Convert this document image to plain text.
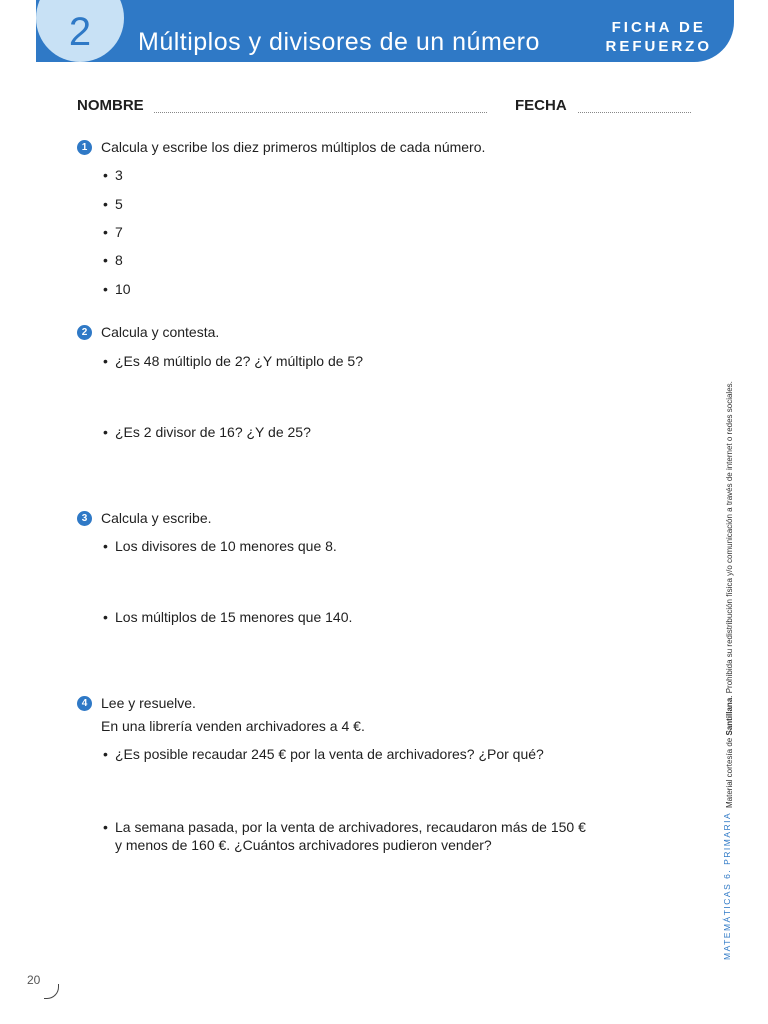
2	Múltiplos y divisores de un número
FICHA DE
REFUERZO
NOMBRE	FECHA
1 Calcula y escribe los diez primeros múltiplos de cada número.
• 3
• 5
• 7
• 8
• 10
2 Calcula y contesta.
• ¿Es 48 múltiplo de 2? ¿Y múltiplo de 5?
• ¿Es 2 divisor de 16? ¿Y de 25?
3 Calcula y escribe.
• Los divisores de 10 menores que 8.
• Los múltiplos de 15 menores que 140.
4 Lee y resuelve.
En una librería venden archivadores a 4 €.
• ¿Es posible recaudar 245 € por la venta de archivadores? ¿Por qué?
• La semana pasada, por la venta de archivadores, recaudaron más de 150 €
y menos de 160 €. ¿Cuántos archivadores pudieron vender?	MATEMÁTICAS 6. PRIMARIA
Material cortesía de Santillana. Prohibida su redistribución física y/o comunicación a través de internet o redes sociales.
20
